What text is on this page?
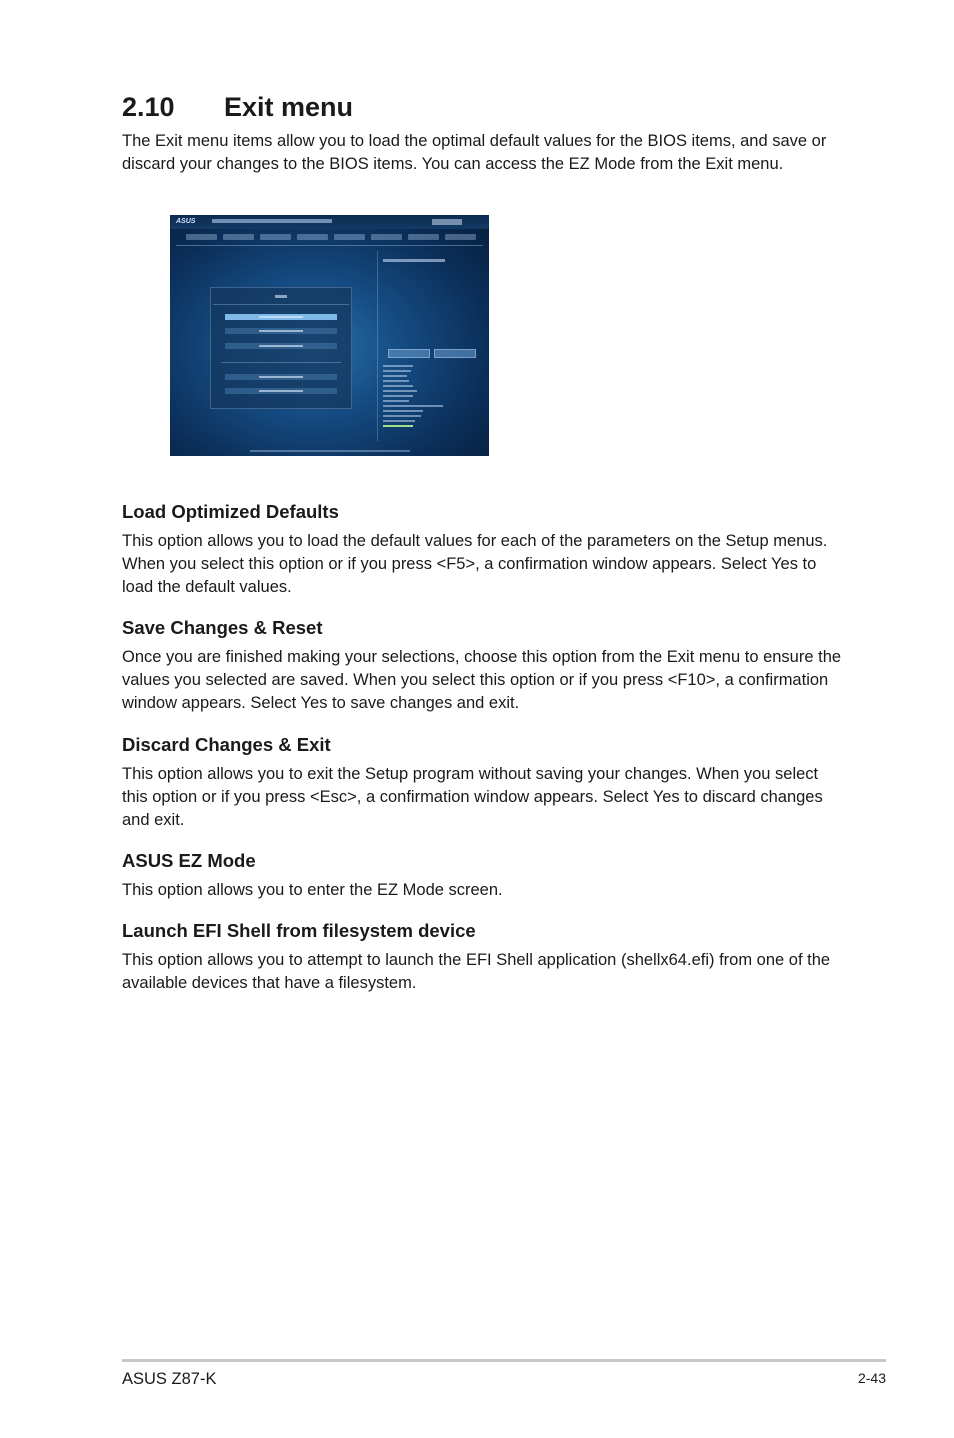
2.10 Exit menu

The Exit menu items allow you to load the optimal default values for the BIOS items, and save or discard your changes to the BIOS items. You can access the EZ Mode from the Exit menu.

ASUS
Load Optimized Defaults

This option allows you to load the default values for each of the parameters on the Setup menus. When you select this option or if you press <F5>, a confirmation window appears. Select Yes to load the default values.

Save Changes & Reset

Once you are finished making your selections, choose this option from the Exit menu to ensure the values you selected are saved. When you select this option or if you press <F10>, a confirmation window appears. Select Yes to save changes and exit.

Discard Changes & Exit

This option allows you to exit the Setup program without saving your changes. When you select this option or if you press <Esc>, a confirmation window appears. Select Yes to discard changes and exit.

ASUS EZ Mode

This option allows you to enter the EZ Mode screen.

Launch EFI Shell from filesystem device

This option allows you to attempt to launch the EFI Shell application (shellx64.efi) from one of the available devices that have a filesystem.

ASUS Z87-K	2-43
